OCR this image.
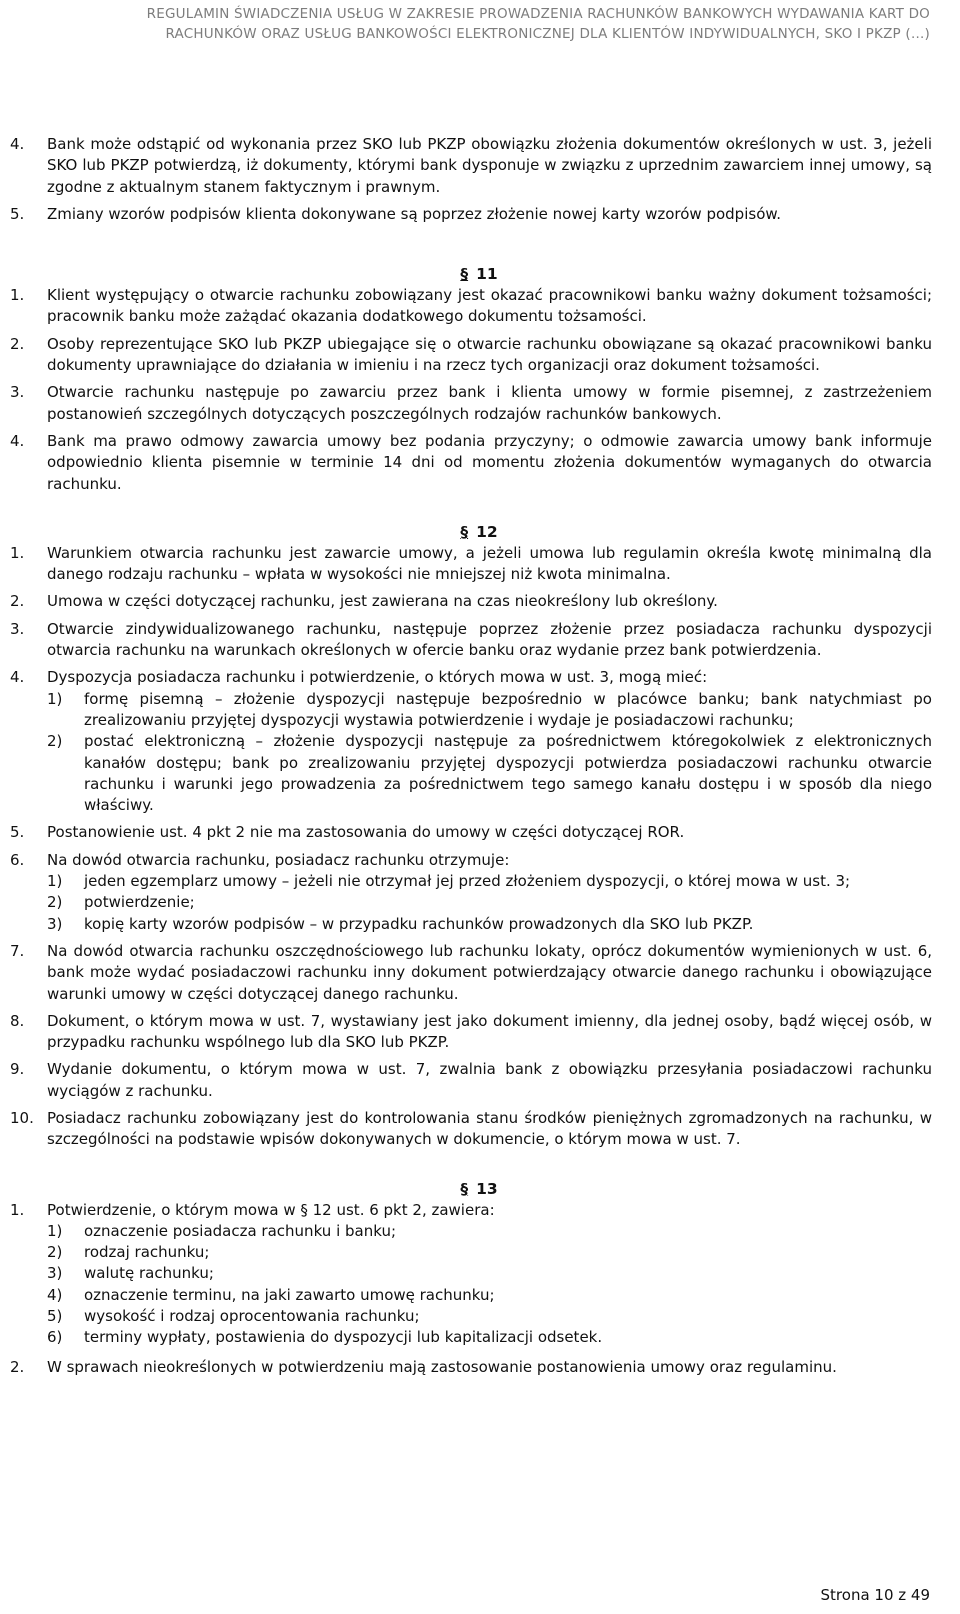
REGULAMIN ŚWIADCZENIA USŁUG W ZAKRESIE PROWADZENIA RACHUNKÓW BANKOWYCH WYDAWANIA KART DO
RACHUNKÓW ORAZ USŁUG BANKOWOŚCI ELEKTRONICZNEJ DLA KLIENTÓW INDYWIDUALNYCH, SKO I PKZP (…)
4.	Bank może odstąpić od wykonania przez SKO lub PKZP obowiązku złożenia dokumentów określonych w ust. 3, jeżeli SKO lub PKZP potwierdzą, iż dokumenty, którymi bank dysponuje w związku z uprzednim zawarciem innej umowy, są zgodne z aktualnym stanem faktycznym i prawnym.
5.	Zmiany wzorów podpisów klienta dokonywane są poprzez złożenie nowej karty wzorów podpisów.
§ 11
1.	Klient występujący o otwarcie rachunku zobowiązany jest okazać pracownikowi banku ważny dokument tożsamości; pracownik banku może zażądać okazania dodatkowego dokumentu tożsamości.
2.	Osoby reprezentujące SKO lub PKZP ubiegające się o otwarcie rachunku obowiązane są okazać pracownikowi banku dokumenty uprawniające do działania w imieniu i na rzecz tych organizacji oraz dokument tożsamości.
3.	Otwarcie rachunku następuje po zawarciu przez bank i klienta umowy w formie pisemnej, z zastrzeżeniem postanowień szczególnych dotyczących poszczególnych rodzajów rachunków bankowych.
4.	Bank ma prawo odmowy zawarcia umowy bez podania przyczyny; o odmowie zawarcia umowy bank informuje odpowiednio klienta pisemnie w terminie 14 dni od momentu złożenia dokumentów wymaganych do otwarcia rachunku.
§ 12
1.	Warunkiem otwarcia rachunku jest zawarcie umowy, a jeżeli umowa lub regulamin określa kwotę minimalną dla danego rodzaju rachunku – wpłata w wysokości nie mniejszej niż kwota minimalna.
2.	Umowa w części dotyczącej rachunku, jest zawierana na czas nieokreślony lub określony.
3.	Otwarcie zindywidualizowanego rachunku, następuje poprzez złożenie przez posiadacza rachunku dyspozycji otwarcia rachunku na warunkach określonych w ofercie banku oraz wydanie przez bank potwierdzenia.
4.	Dyspozycja posiadacza rachunku i potwierdzenie, o których mowa w ust. 3, mogą mieć:
1)	formę pisemną – złożenie dyspozycji następuje bezpośrednio w placówce banku; bank natychmiast po zrealizowaniu przyjętej dyspozycji wystawia potwierdzenie i wydaje je posiadaczowi rachunku;
2)	postać elektroniczną – złożenie dyspozycji następuje za pośrednictwem któregokolwiek z elektronicznych kanałów dostępu; bank po zrealizowaniu przyjętej dyspozycji potwierdza posiadaczowi rachunku otwarcie rachunku i warunki jego prowadzenia za pośrednictwem tego samego kanału dostępu i w sposób dla niego właściwy.
5.	Postanowienie ust. 4 pkt 2 nie ma zastosowania do umowy w części dotyczącej ROR.
6.	Na dowód otwarcia rachunku, posiadacz rachunku otrzymuje:
1)	jeden egzemplarz umowy – jeżeli nie otrzymał jej przed złożeniem dyspozycji, o której mowa w ust. 3;
2)	potwierdzenie;
3)	kopię karty wzorów podpisów – w przypadku rachunków prowadzonych dla SKO lub PKZP.
7.	Na dowód otwarcia rachunku oszczędnościowego lub rachunku lokaty, oprócz dokumentów wymienionych w ust. 6, bank może wydać posiadaczowi rachunku inny dokument potwierdzający otwarcie danego rachunku i obowiązujące warunki umowy w części dotyczącej danego rachunku.
8.	Dokument, o którym mowa w ust. 7, wystawiany jest jako dokument imienny, dla jednej osoby, bądź więcej osób, w przypadku rachunku wspólnego lub dla SKO lub PKZP.
9.	Wydanie dokumentu, o którym mowa w ust. 7, zwalnia bank z obowiązku przesyłania posiadaczowi rachunku wyciągów z rachunku.
10. Posiadacz rachunku zobowiązany jest do kontrolowania stanu środków pieniężnych zgromadzonych na rachunku, w szczególności na podstawie wpisów dokonywanych w dokumencie, o którym mowa w ust. 7.
§ 13
1.	Potwierdzenie, o którym mowa w § 12 ust. 6 pkt 2, zawiera:
1)	oznaczenie posiadacza rachunku i banku;
2)	rodzaj rachunku;
3)	walutę rachunku;
4)	oznaczenie terminu, na jaki zawarto umowę rachunku;
5)	wysokość i rodzaj oprocentowania rachunku;
6)	terminy wypłaty, postawienia do dyspozycji lub kapitalizacji odsetek.
2.	W sprawach nieokreślonych w potwierdzeniu mają zastosowanie postanowienia umowy oraz regulaminu.
Strona 10 z 49
